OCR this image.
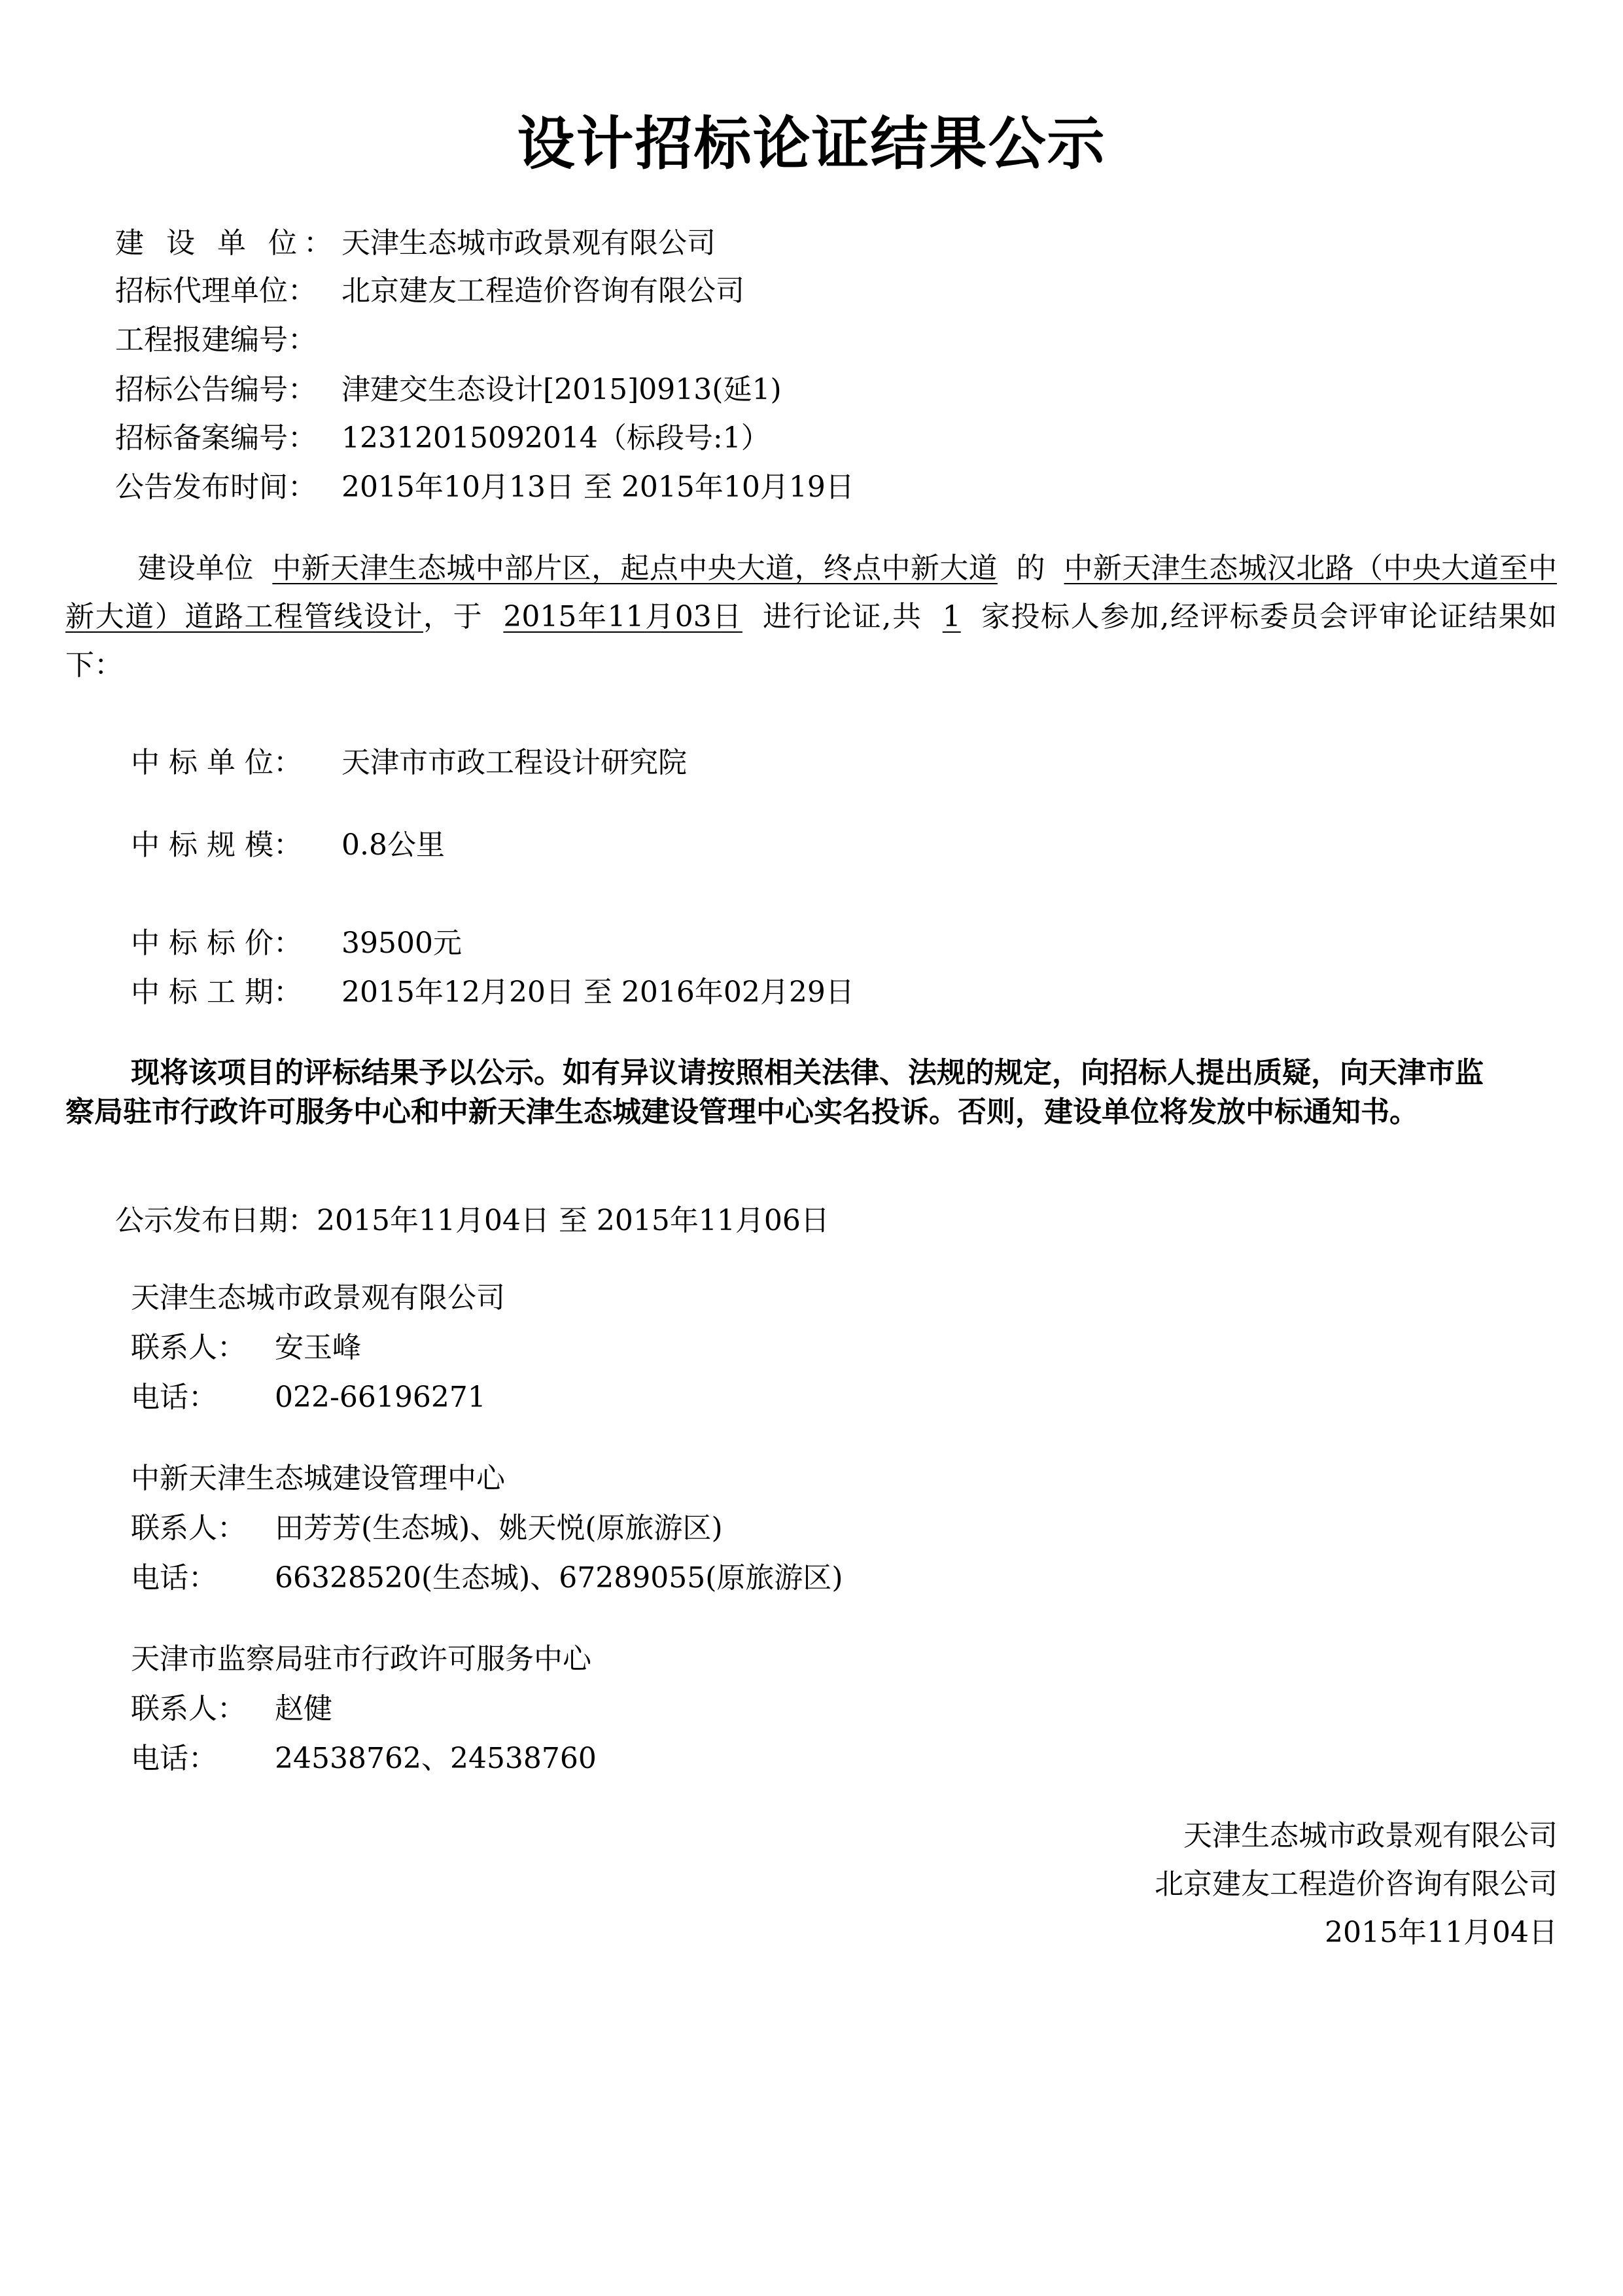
设计招标论证结果公示
建 设 单 位：天津生态城市政景观有限公司
招标代理单位： 北京建友工程造价咨询有限公司
工程报建编号：
招标公告编号： 津建交生态设计[2015]0913(延1)
招标备案编号： 12312015092014（标段号:1）
公告发布时间： 2015年10月13日 至 2015年10月19日
建设单位 中新天津生态城中部片区，起点中央大道，终点中新大道 的 中新天津生态城汉北路（中央大道至中新大道）道路工程管线设计，于 2015年11月03日 进行论证,共 1 家投标人参加,经评标委员会评审论证结果如下：
中 标 单 位： 天津市市政工程设计研究院
中 标 规 模： 0.8公里
中 标 标 价： 39500元
中 标 工 期： 2015年12月20日 至 2016年02月29日
现将该项目的评标结果予以公示。如有异议请按照相关法律、法规的规定，向招标人提出质疑，向天津市监察局驻市行政许可服务中心和中新天津生态城建设管理中心实名投诉。否则，建设单位将发放中标通知书。
公示发布日期：2015年11月04日 至 2015年11月06日
天津生态城市政景观有限公司
联系人： 安玉峰
电话： 022-66196271
中新天津生态城建设管理中心
联系人： 田芳芳(生态城)、姚天悦(原旅游区)
电话： 66328520(生态城)、67289055(原旅游区)
天津市监察局驻市行政许可服务中心
联系人： 赵健
电话： 24538762、24538760
天津生态城市政景观有限公司
北京建友工程造价咨询有限公司
2015年11月04日
